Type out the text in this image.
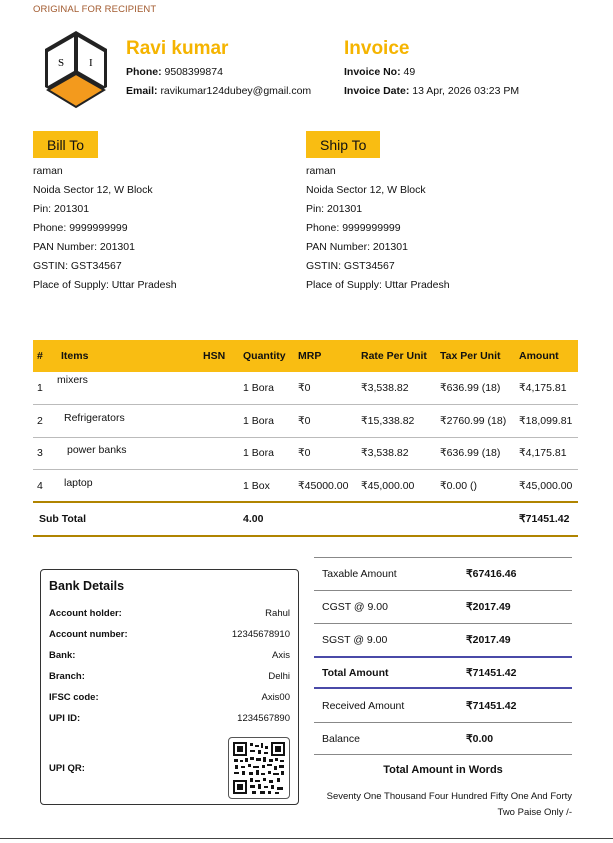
ORIGINAL FOR RECIPIENT
S I
Ravi kumar
Phone: 9508399874
Email: ravikumar124dubey@gmail.com
Invoice
Invoice No: 49
Invoice Date: 13 Apr, 2026 03:23 PM
Bill To
raman
Noida Sector 12, W Block
Pin: 201301
Phone: 9999999999
PAN Number: 201301
GSTIN: GST34567
Place of Supply: Uttar Pradesh
Ship To
raman
Noida Sector 12, W Block
Pin: 201301
Phone: 9999999999
PAN Number: 201301
GSTIN: GST34567
Place of Supply: Uttar Pradesh
#	Items	HSN	Quantity	MRP	Rate Per Unit	Tax Per Unit	Amount
1	mixers		1 Bora	₹0	₹3,538.82	₹636.99 (18)	₹4,175.81
2	Refrigerators		1 Bora	₹0	₹15,338.82	₹2760.99 (18)	₹18,099.81
3	power banks		1 Bora	₹0	₹3,538.82	₹636.99 (18)	₹4,175.81
4	laptop		1 Box	₹45000.00	₹45,000.00	₹0.00 ()	₹45,000.00
Sub Total			4.00				₹71451.42
Bank Details
Account holder:	Rahul
Account number:	12345678910
Bank:	Axis
Branch:	Delhi
IFSC code:	Axis00
UPI ID:	1234567890
UPI QR:
Taxable Amount	₹67416.46
CGST @ 9.00	₹2017.49
SGST @ 9.00	₹2017.49
Total Amount	₹71451.42
Received Amount	₹71451.42
Balance	₹0.00
Total Amount in Words
Seventy One Thousand Four Hundred Fifty One And Forty Two Paise Only /-
